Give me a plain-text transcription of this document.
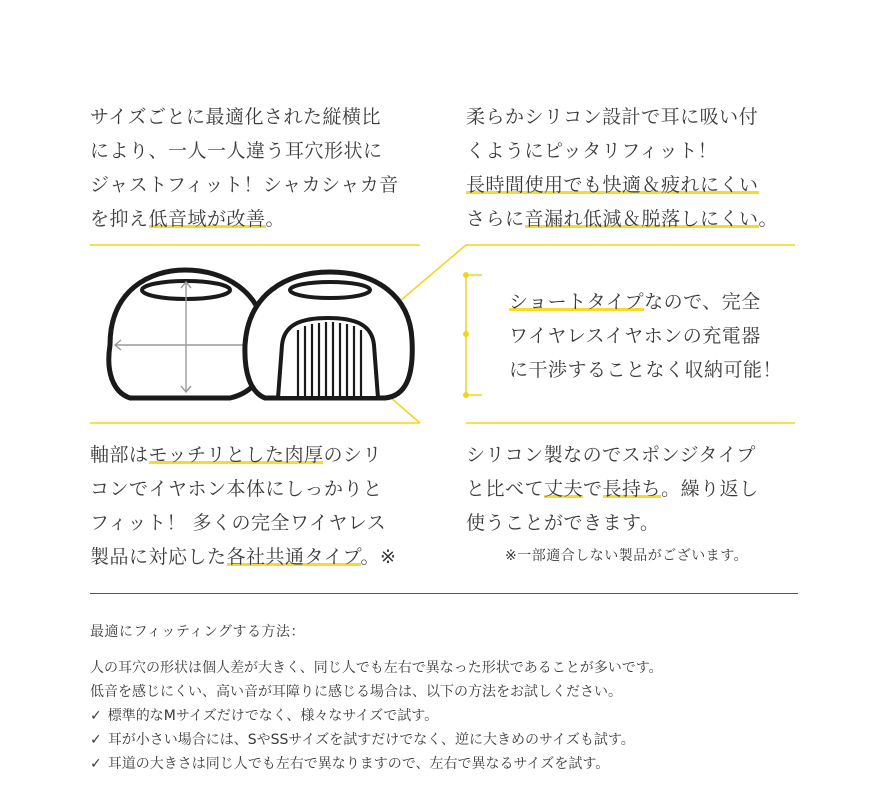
サイズごとに最適化された縦横比
により、一人一人違う耳穴形状に
ジャストフィット！シャカシャカ音
を抑え低音域が改善。
柔らかシリコン設計で耳に吸い付
くようにピッタリフィット！
長時間使用でも快適＆疲れにくい
さらに音漏れ低減＆脱落しにくい。
ショートタイプなので、完全
ワイヤレスイヤホンの充電器
に干渉することなく収納可能！
軸部はモッチリとした肉厚のシリ
コンでイヤホン本体にしっかりと
フィット！ 多くの完全ワイヤレス
製品に対応した各社共通タイプ。※
シリコン製なのでスポンジタイプ
と比べて丈夫で長持ち。繰り返し
使うことができます。
※一部適合しない製品がございます。
最適にフィッティングする方法：
人の耳穴の形状は個人差が大きく、同じ人でも左右で異なった形状であることが多いです。
低音を感じにくい、高い音が耳障りに感じる場合は、以下の方法をお試しください。
✓ 標準的なMサイズだけでなく、様々なサイズで試す。
✓ 耳が小さい場合には、SやSSサイズを試すだけでなく、逆に大きめのサイズも試す。
✓ 耳道の大きさは同じ人でも左右で異なりますので、左右で異なるサイズを試す。
